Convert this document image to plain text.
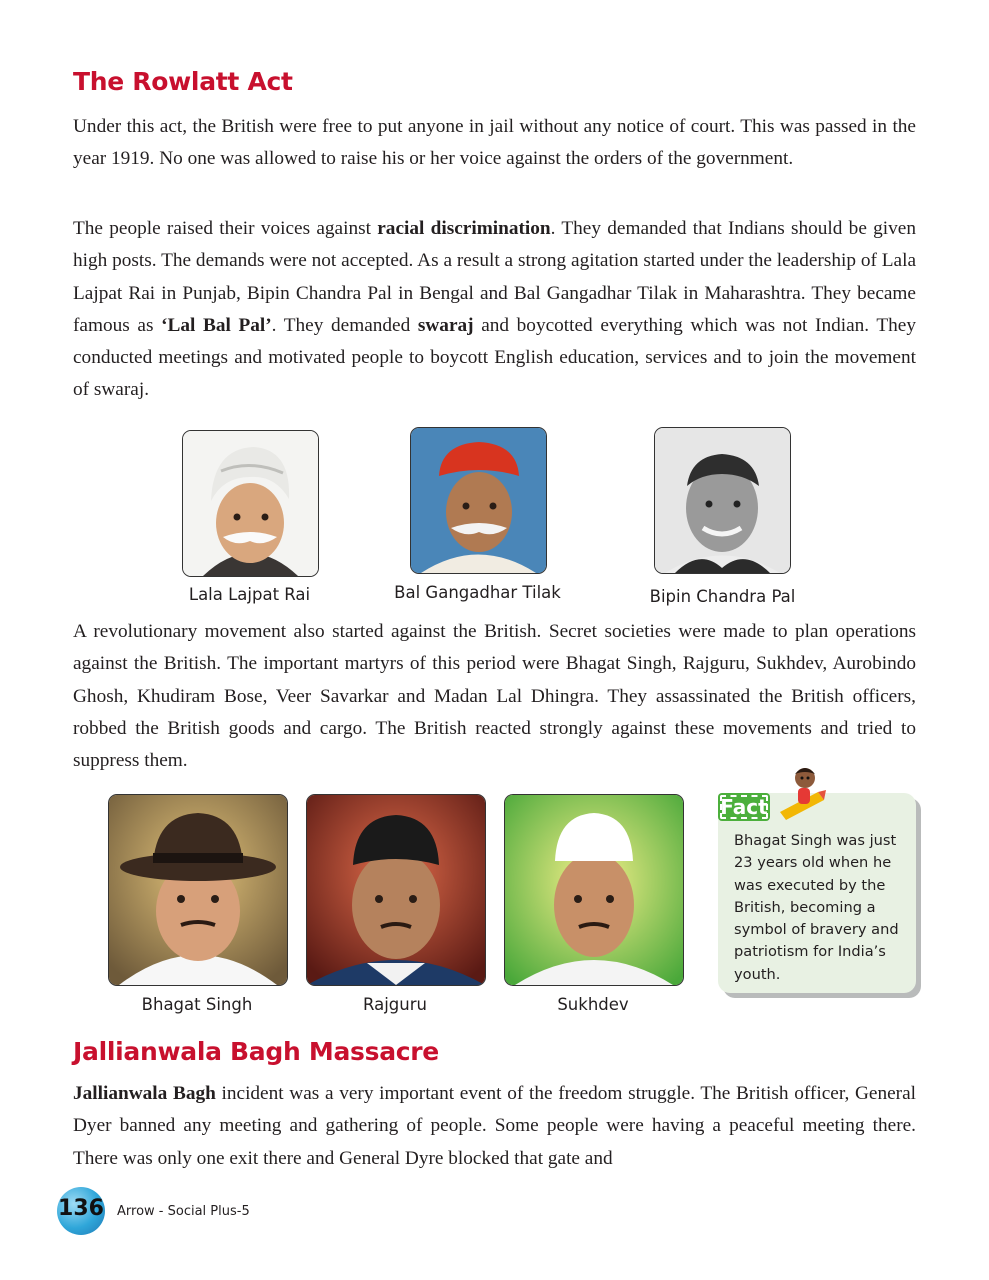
The Rowlatt Act

Under this act, the British were free to put anyone in jail without any notice of court. This was passed in the year 1919. No one was allowed to raise his or her voice against the orders of the government.

The people raised their voices against racial discrimination. They demanded that Indians should be given high posts. The demands were not accepted. As a result a strong agitation started under the leadership of Lala Lajpat Rai in Punjab, Bipin Chandra Pal in Bengal and Bal Gangadhar Tilak in Maharashtra. They became famous as ‘Lal Bal Pal’. They demanded swaraj and boycotted everything which was not Indian. They conducted meetings and motivated people to boycott English education, services and to join the movement of swaraj.

Lala Lajpat Rai	Bal Gangadhar Tilak	Bipin Chandra Pal

A revolutionary movement also started against the British. Secret societies were made to plan operations against the British. The important martyrs of this period were Bhagat Singh, Rajguru, Sukhdev, Aurobindo Ghosh, Khudiram Bose, Veer Savarkar and Madan Lal Dhingra. They assassinated the British officers, robbed the British goods and cargo. The British reacted strongly against these movements and tried to suppress them.

Bhagat Singh	Rajguru	Sukhdev
Fact

Bhagat Singh was just 23 years old when he was executed by the British, becoming a symbol of bravery and patriotism for India’s youth.

Jallianwala Bagh Massacre

Jallianwala Bagh incident was a very important event of the freedom struggle. The British officer, General Dyer banned any meeting and gathering of people. Some people were having a peaceful meeting there. There was only one exit there and General Dyre blocked that gate and

136 Arrow - Social Plus-5
